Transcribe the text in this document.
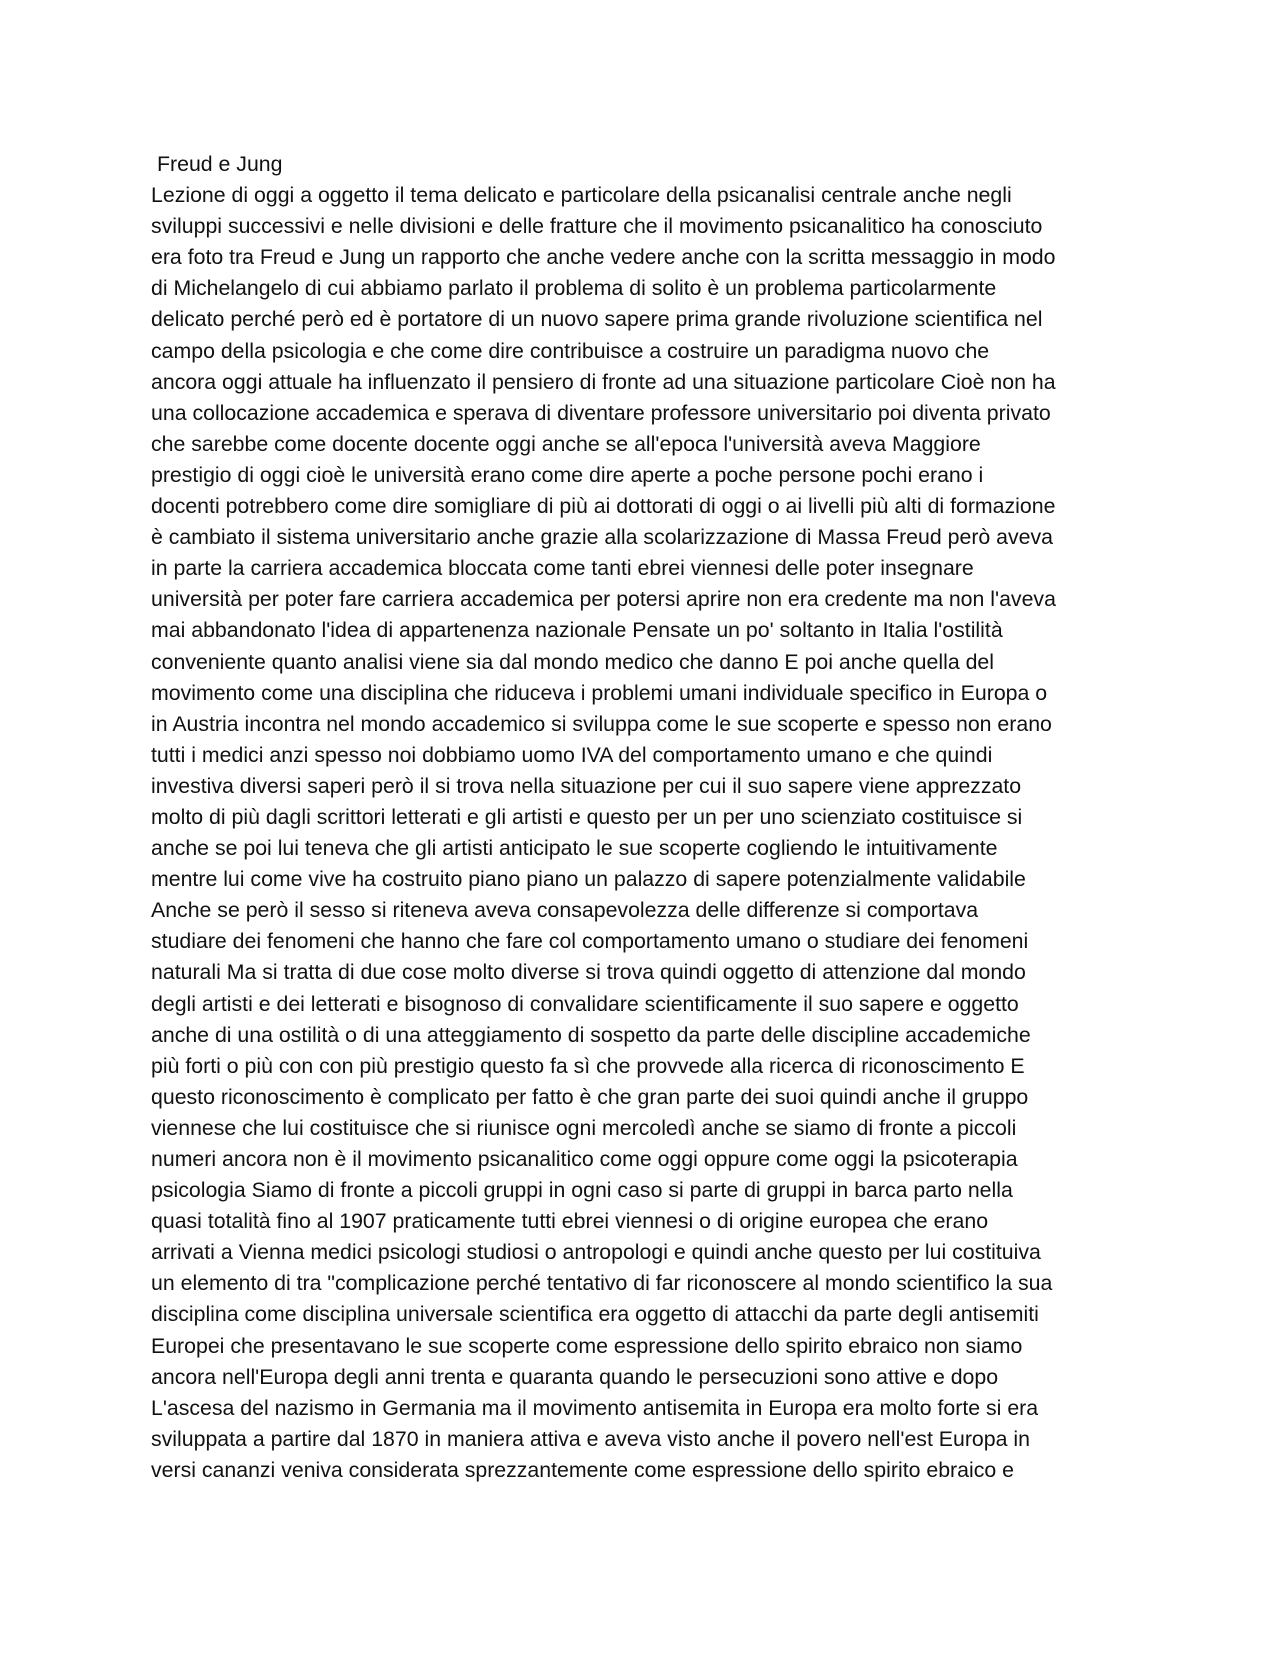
Freud e Jung
Lezione di oggi a oggetto il tema delicato e particolare della psicanalisi centrale anche negli
sviluppi successivi e nelle divisioni e delle fratture che il movimento psicanalitico ha conosciuto
era foto tra Freud e Jung un rapporto che anche vedere anche con la scritta messaggio in modo
di Michelangelo di cui abbiamo parlato il problema di solito è un problema particolarmente
delicato perché però ed è portatore di un nuovo sapere prima grande rivoluzione scientifica nel
campo della psicologia e che come dire contribuisce a costruire un paradigma nuovo che
ancora oggi attuale ha influenzato il pensiero di fronte ad una situazione particolare Cioè non ha
una collocazione accademica e sperava di diventare professore universitario poi diventa privato
che sarebbe come docente docente oggi anche se all'epoca l'università aveva Maggiore
prestigio di oggi cioè le università erano come dire aperte a poche persone pochi erano i
docenti potrebbero come dire somigliare di più ai dottorati di oggi o ai livelli più alti di formazione
è cambiato il sistema universitario anche grazie alla scolarizzazione di Massa Freud però aveva
in parte la carriera accademica bloccata come tanti ebrei viennesi delle poter insegnare
università per poter fare carriera accademica per potersi aprire non era credente ma non l'aveva
mai abbandonato l'idea di appartenenza nazionale Pensate un po' soltanto in Italia l'ostilità
conveniente quanto analisi viene sia dal mondo medico che danno E poi anche quella del
movimento come una disciplina che riduceva i problemi umani individuale specifico in Europa o
in Austria incontra nel mondo accademico si sviluppa come le sue scoperte e spesso non erano
tutti i medici anzi spesso noi dobbiamo uomo IVA del comportamento umano e che quindi
investiva diversi saperi però il si trova nella situazione per cui il suo sapere viene apprezzato
molto di più dagli scrittori letterati e gli artisti e questo per un per uno scienziato costituisce si
anche se poi lui teneva che gli artisti anticipato le sue scoperte cogliendo le intuitivamente
mentre lui come vive ha costruito piano piano un palazzo di sapere potenzialmente validabile
Anche se però il sesso si riteneva aveva consapevolezza delle differenze si comportava
studiare dei fenomeni che hanno che fare col comportamento umano o studiare dei fenomeni
naturali Ma si tratta di due cose molto diverse si trova quindi oggetto di attenzione dal mondo
degli artisti e dei letterati e bisognoso di convalidare scientificamente il suo sapere e oggetto
anche di una ostilità o di una atteggiamento di sospetto da parte delle discipline accademiche
più forti o più con con più prestigio questo fa sì che provvede alla ricerca di riconoscimento E
questo riconoscimento è complicato per fatto è che gran parte dei suoi quindi anche il gruppo
viennese che lui costituisce che si riunisce ogni mercoledì anche se siamo di fronte a piccoli
numeri ancora non è il movimento psicanalitico come oggi oppure come oggi la psicoterapia
psicologia Siamo di fronte a piccoli gruppi in ogni caso si parte di gruppi in barca parto nella
quasi totalità fino al 1907 praticamente tutti ebrei viennesi o di origine europea che erano
arrivati a Vienna medici psicologi studiosi o antropologi e quindi anche questo per lui costituiva
un elemento di tra "complicazione perché tentativo di far riconoscere al mondo scientifico la sua
disciplina come disciplina universale scientifica era oggetto di attacchi da parte degli antisemiti
Europei che presentavano le sue scoperte come espressione dello spirito ebraico non siamo
ancora nell'Europa degli anni trenta e quaranta quando le persecuzioni sono attive e dopo
L'ascesa del nazismo in Germania ma il movimento antisemita in Europa era molto forte si era
sviluppata a partire dal 1870 in maniera attiva e aveva visto anche il povero nell'est Europa in
versi cananzi veniva considerata sprezzantemente come espressione dello spirito ebraico e
